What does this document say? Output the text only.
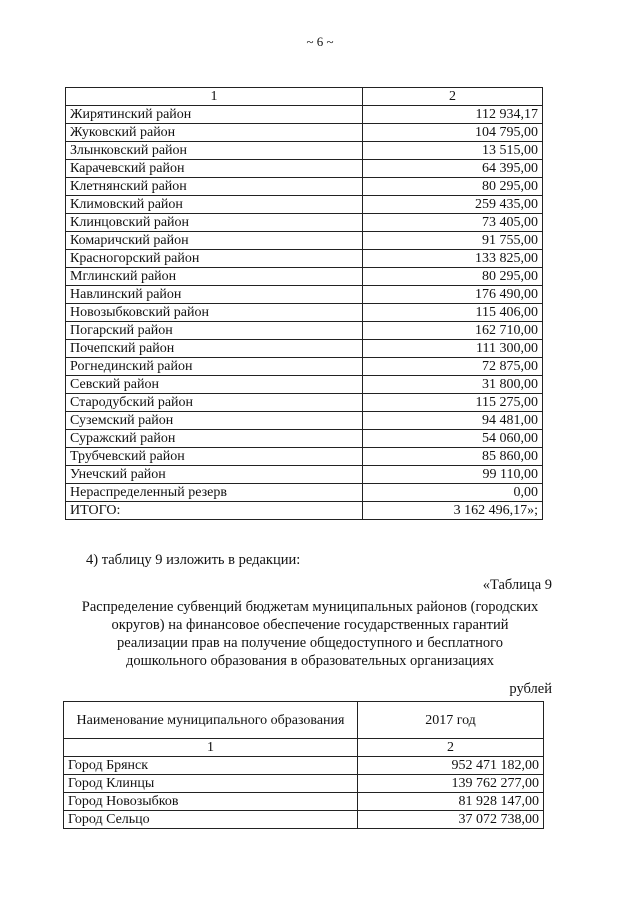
~ 6 ~
1	2
Жирятинский район	112 934,17
Жуковский район	104 795,00
Злынковский район	13 515,00
Карачевский район	64 395,00
Клетнянский район	80 295,00
Климовский район	259 435,00
Клинцовский район	73 405,00
Комаричский район	91 755,00
Красногорский район	133 825,00
Мглинский район	80 295,00
Навлинский район	176 490,00
Новозыбковский район	115 406,00
Погарский район	162 710,00
Почепский район	111 300,00
Рогнединский район	72 875,00
Севский район	31 800,00
Стародубский район	115 275,00
Суземский район	94 481,00
Суражский район	54 060,00
Трубчевский район	85 860,00
Унечский район	99 110,00
Нераспределенный резерв	0,00
ИТОГО:	3 162 496,17»;
4) таблицу 9 изложить в редакции:
«Таблица 9
Распределение субвенций бюджетам муниципальных районов (городских
округов) на финансовое обеспечение государственных гарантий
реализации прав на получение общедоступного и бесплатного
дошкольного образования в образовательных организациях
рублей
Наименование муниципального образования	2017 год
1	2
Город Брянск	952 471 182,00
Город Клинцы	139 762 277,00
Город Новозыбков	81 928 147,00
Город Сельцо	37 072 738,00
